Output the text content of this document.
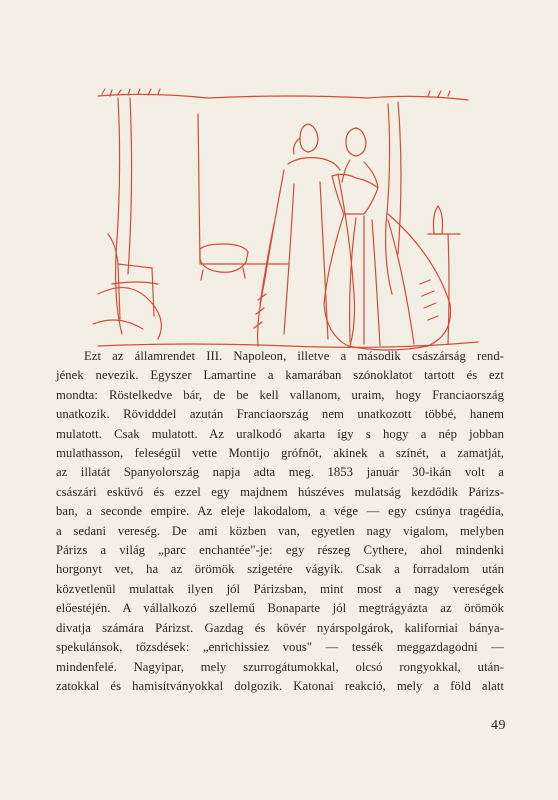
Ezt az államrendet III. Napoleon, illetve a második császárság rend-
jének nevezik. Egyszer Lamartine a kamarában szónoklatot tartott és ezt
mondta: Röstelkedve bár, de be kell vallanom, uraim, hogy Franciaország
unatkozik. Rövidddel azután Franciaország nem unatkozott többé, hanem
mulatott. Csak mulatott. Az uralkodó akarta így s hogy a nép jobban
mulathasson, feleségül vette Montijo grófnőt, akinek a színét, a zamatját,
az illatát Spanyolország napja adta meg. 1853 január 30-ikán volt a
császári esküvő és ezzel egy majdnem húszéves mulatság kezdődik Párizs-
ban, a seconde empire. Az eleje lakodalom, a vége — egy csúnya tragédia,
a sedani vereség. De ami közben van, egyetlen nagy vigalom, melyben
Párizs a világ „parc enchantée"-je: egy részeg Cythere, ahol mindenki
horgonyt vet, ha az örömök szigetére vágyik. Csak a forradalom után
közvetlenül mulattak ilyen jól Párizsban, mint most a nagy vereségek
előestéjén. A vállalkozó szellemű Bonaparte jól megtrágyázta az örömök
divatja számára Párizst. Gazdag és kövér nyárspolgárok, kaliforniai bánya-
spekulánsok, tőzsdések: „enrichissiez vous" — tessék meggazdagodni —
mindenfelé. Nagyipar, mely szurrogátumokkal, olcsó rongyokkal, után-
zatokkal és hamisítványokkal dolgozik. Katonai reakció, mely a föld alatt
49
